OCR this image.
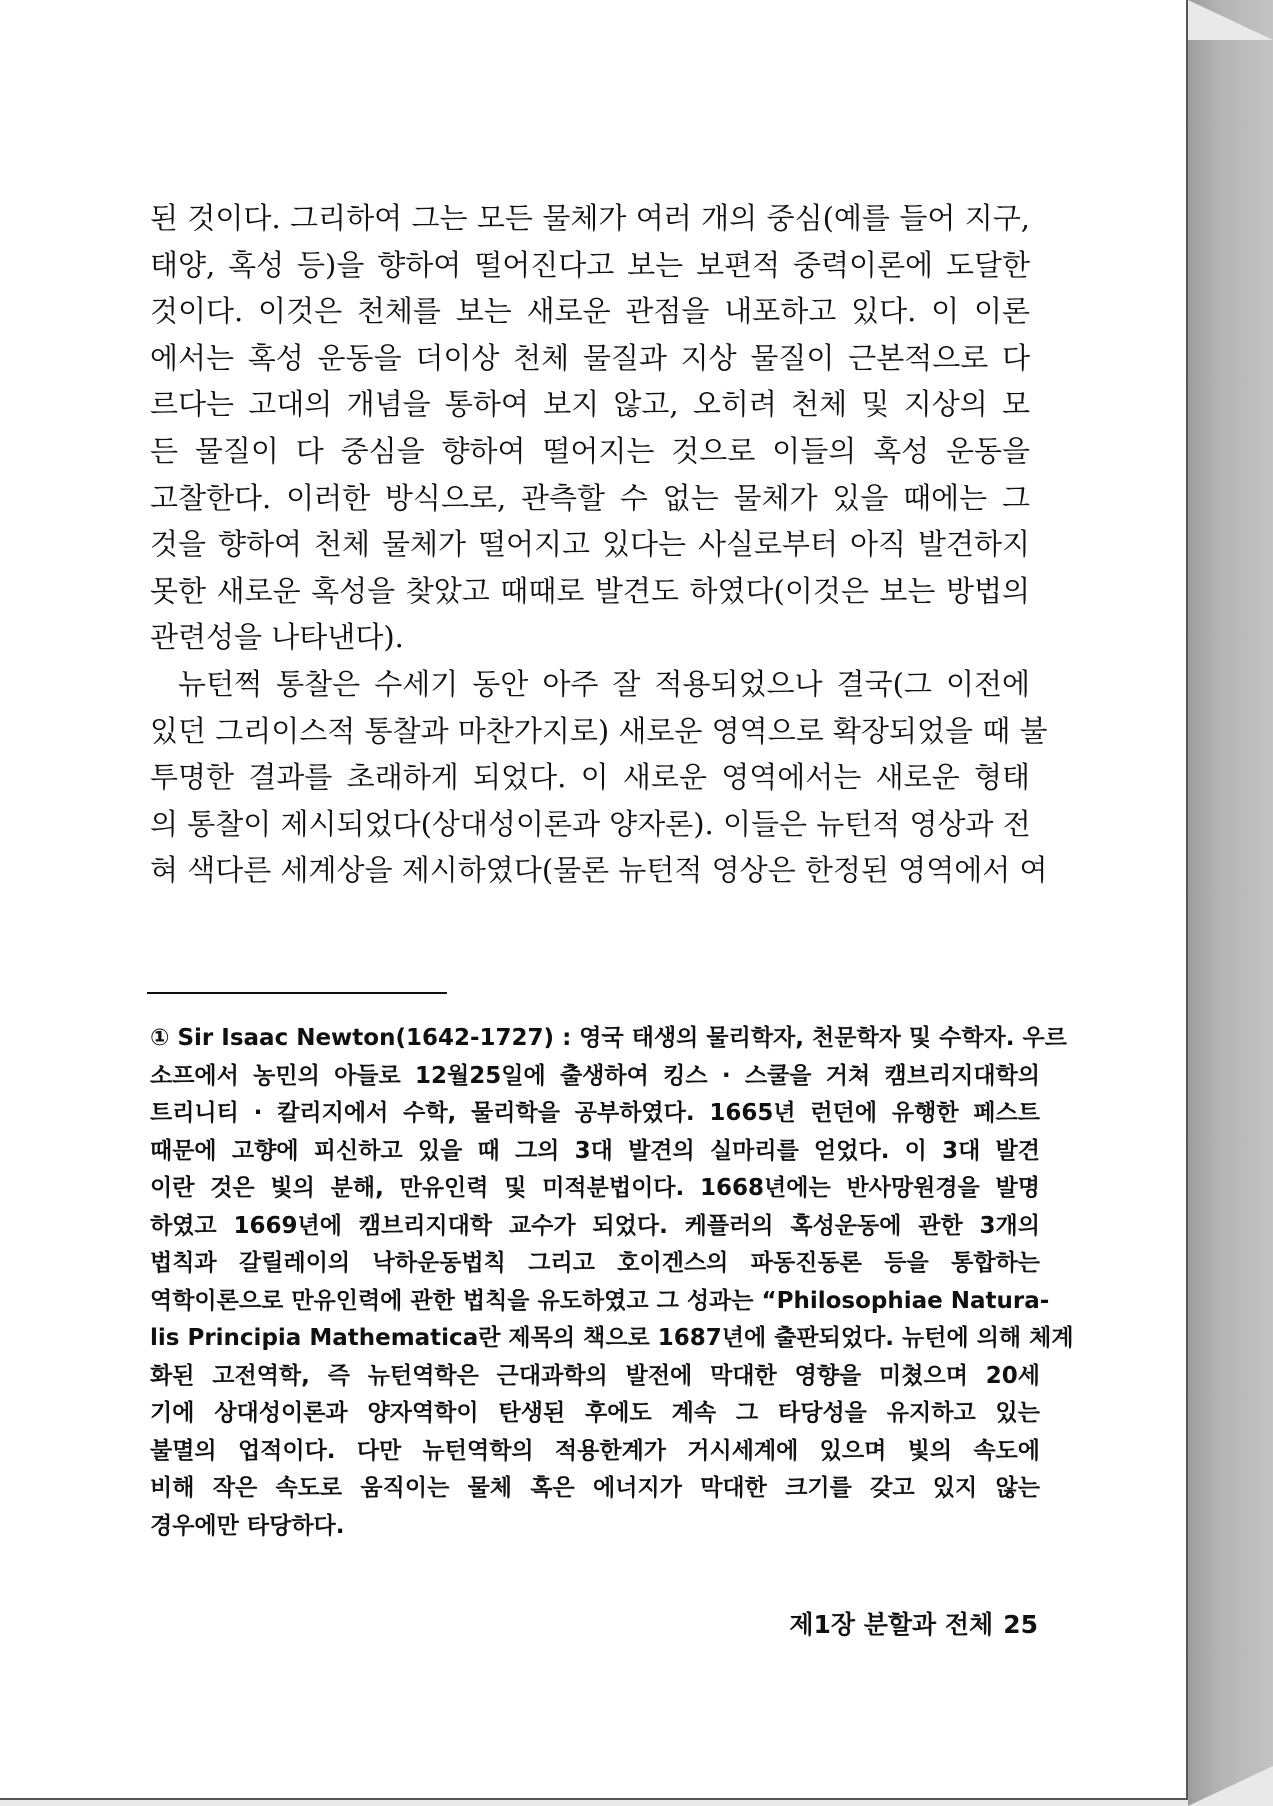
된 것이다. 그리하여 그는 모든 물체가 여러 개의 중심(예를 들어 지구,
태양, 혹성 등)을 향하여 떨어진다고 보는 보편적 중력이론에 도달한
것이다. 이것은 천체를 보는 새로운 관점을 내포하고 있다. 이 이론
에서는 혹성 운동을 더이상 천체 물질과 지상 물질이 근본적으로 다
르다는 고대의 개념을 통하여 보지 않고, 오히려 천체 및 지상의 모
든 물질이 다 중심을 향하여 떨어지는 것으로 이들의 혹성 운동을
고찰한다. 이러한 방식으로, 관측할 수 없는 물체가 있을 때에는 그
것을 향하여 천체 물체가 떨어지고 있다는 사실로부터 아직 발견하지
못한 새로운 혹성을 찾았고 때때로 발견도 하였다(이것은 보는 방법의
관련성을 나타낸다).
뉴턴쩍 통찰은 수세기 동안 아주 잘 적용되었으나 결국(그 이전에
있던 그리이스적 통찰과 마찬가지로) 새로운 영역으로 확장되었을 때 불
투명한 결과를 초래하게 되었다. 이 새로운 영역에서는 새로운 형태
의 통찰이 제시되었다(상대성이론과 양자론). 이들은 뉴턴적 영상과 전
혀 색다른 세계상을 제시하였다(물론 뉴턴적 영상은 한정된 영역에서 여
① Sir Isaac Newton(1642-1727) : 영국 태생의 물리학자, 천문학자 및 수학자. 우르
소프에서 농민의 아들로 12월25일에 출생하여 킹스 · 스쿨을 거쳐 캠브리지대학의
트리니티 · 칼리지에서 수학, 물리학을 공부하였다. 1665년 런던에 유행한 페스트
때문에 고향에 피신하고 있을 때 그의 3대 발견의 실마리를 얻었다. 이 3대 발견
이란 것은 빛의 분해, 만유인력 및 미적분법이다. 1668년에는 반사망원경을 발명
하였고 1669년에 캠브리지대학 교수가 되었다. 케플러의 혹성운동에 관한 3개의
법칙과 갈릴레이의 낙하운동법칙 그리고 호이겐스의 파동진동론 등을 통합하는
역학이론으로 만유인력에 관한 법칙을 유도하였고 그 성과는 “Philosophiae Natura-
lis Principia Mathematica란 제목의 책으로 1687년에 출판되었다. 뉴턴에 의해 체계
화된 고전역학, 즉 뉴턴역학은 근대과학의 발전에 막대한 영향을 미쳤으며 20세
기에 상대성이론과 양자역학이 탄생된 후에도 계속 그 타당성을 유지하고 있는
불멸의 업적이다. 다만 뉴턴역학의 적용한계가 거시세계에 있으며 빛의 속도에
비해 작은 속도로 움직이는 물체 혹은 에너지가 막대한 크기를 갖고 있지 않는
경우에만 타당하다.
제1장 분할과 전체 25
